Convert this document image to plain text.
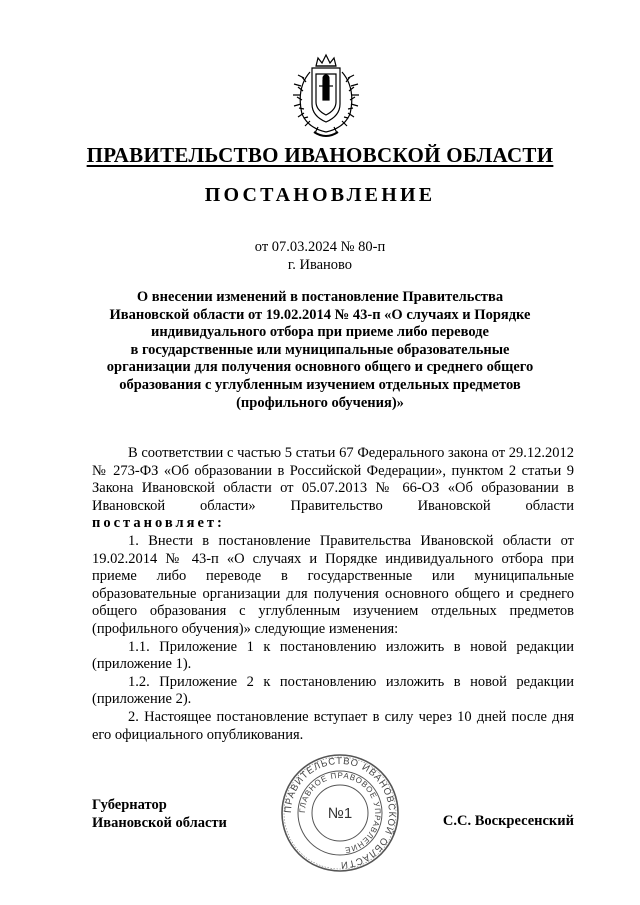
ПРАВИТЕЛЬСТВО ИВАНОВСКОЙ ОБЛАСТИ
ПОСТАНОВЛЕНИЕ
от 07.03.2024 № 80-п
г. Иваново
О внесении изменений в постановление Правительства
Ивановской области от 19.02.2014 № 43-п «О случаях и Порядке
индивидуального отбора при приеме либо переводе
в государственные или муниципальные образовательные
организации для получения основного общего и среднего общего
образования с углубленным изучением отдельных предметов
(профильного обучения)»

В соответствии с частью 5 статьи 67 Федерального закона от 29.12.2012 № 273-ФЗ «Об образовании в Российской Федерации», пунктом 2 статьи 9 Закона Ивановской области от 05.07.2013 № 66-ОЗ «Об образовании в Ивановской области» Правительство Ивановской области постановляет:

1. Внести в постановление Правительства Ивановской области от 19.02.2014 № 43-п «О случаях и Порядке индивидуального отбора при приеме либо переводе в государственные или муниципальные образовательные организации для получения основного общего и среднего общего образования с углубленным изучением отдельных предметов (профильного обучения)» следующие изменения:

1.1. Приложение 1 к постановлению изложить в новой редакции (приложение 1).

1.2. Приложение 2 к постановлению изложить в новой редакции (приложение 2).

2. Настоящее постановление вступает в силу через 10 дней после дня его официального опубликования.

Губернатор
Ивановской области
ПРАВИТЕЛЬСТВО ИВАНОВСКОЙ ОБЛАСТИ
ГЛАВНОЕ ПРАВОВОЕ УПРАВЛЕНИЕ
№1	С.С. Воскресенский
